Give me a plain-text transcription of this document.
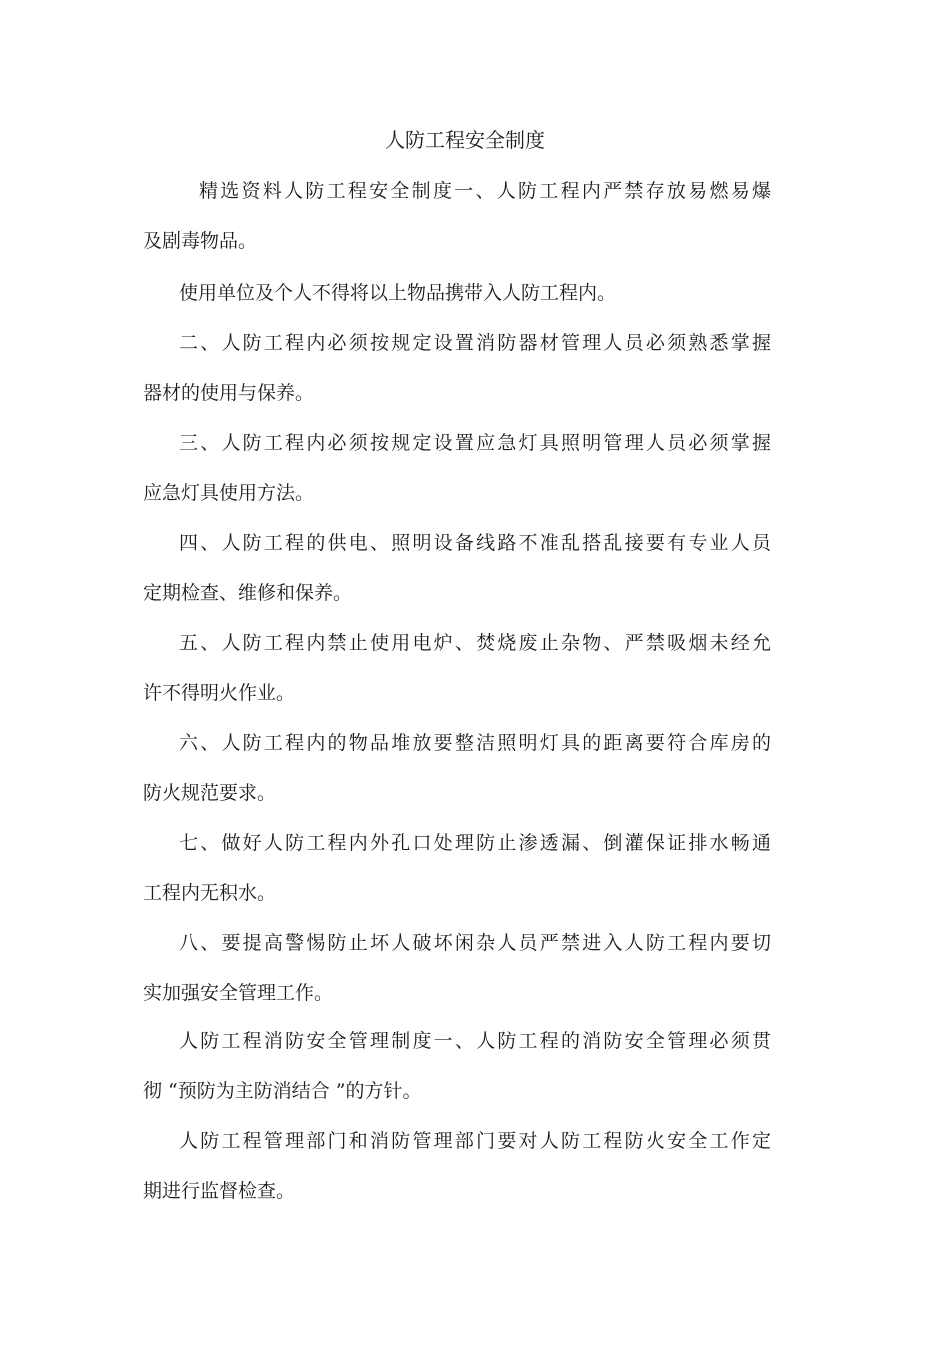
人防工程安全制度
精选资料人防工程安全制度一、人防工程内严禁存放易燃易爆
及剧毒物品。
使用单位及个人不得将以上物品携带入人防工程内。
二、人防工程内必须按规定设置消防器材管理人员必须熟悉掌握
器材的使用与保养。
三、人防工程内必须按规定设置应急灯具照明管理人员必须掌握
应急灯具使用方法。
四、人防工程的供电、照明设备线路不准乱搭乱接要有专业人员
定期检查、维修和保养。
五、人防工程内禁止使用电炉、焚烧废止杂物、严禁吸烟未经允
许不得明火作业。
六、人防工程内的物品堆放要整洁照明灯具的距离要符合库房的
防火规范要求。
七、做好人防工程内外孔口处理防止渗透漏、倒灌保证排水畅通
工程内无积水。
八、要提高警惕防止坏人破坏闲杂人员严禁进入人防工程内要切
实加强安全管理工作。
人防工程消防安全管理制度一、人防工程的消防安全管理必须贯
彻 “预防为主防消结合 ”的方针。
人防工程管理部门和消防管理部门要对人防工程防火安全工作定
期进行监督检查。
